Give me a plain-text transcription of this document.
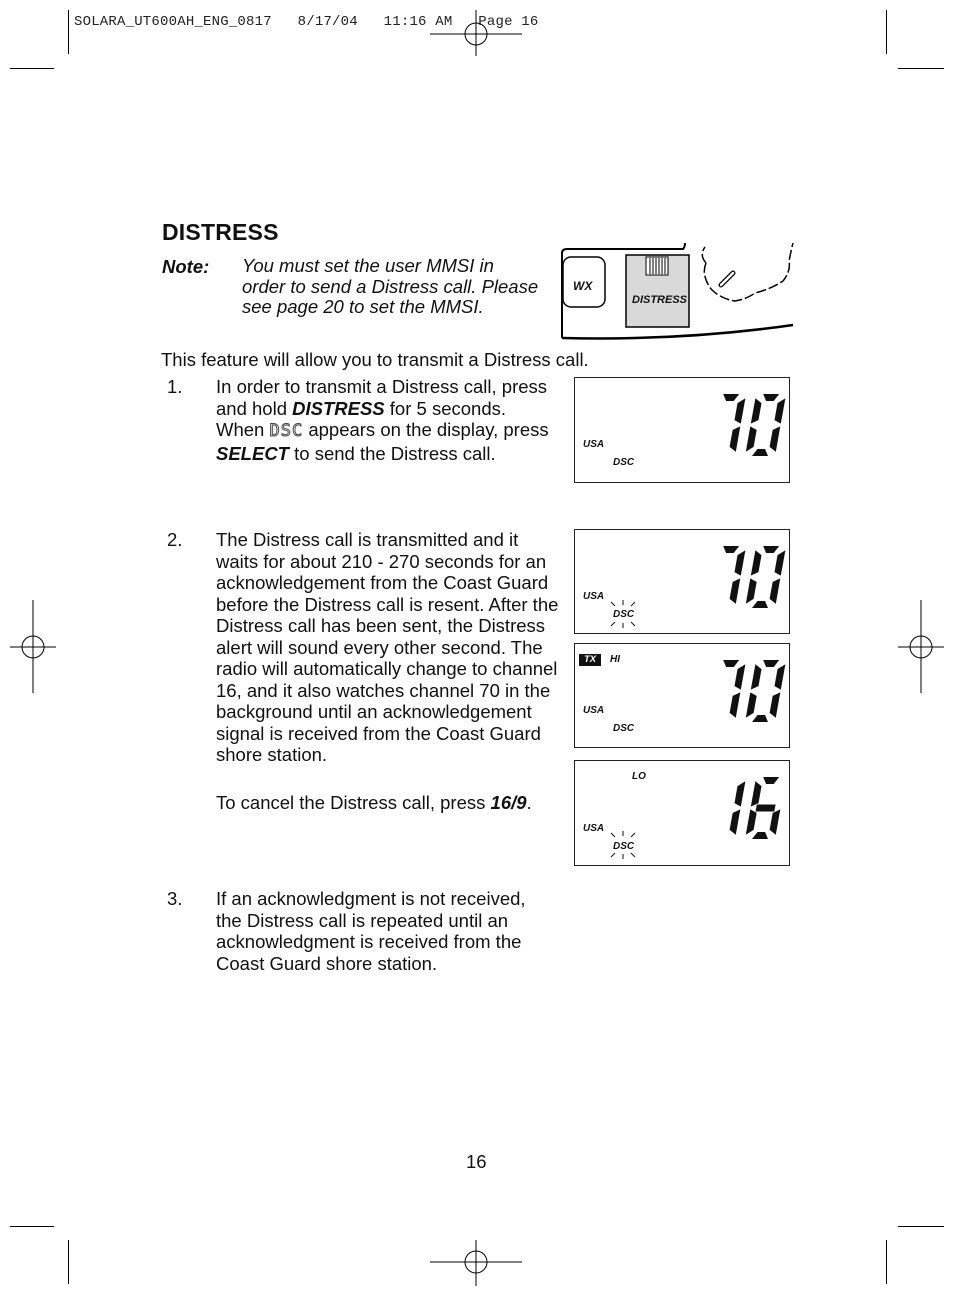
SOLARA_UT600AH_ENG_0817   8/17/04   11:16 AM   Page 16
DISTRESS
Note: You must set the user MMSI in order to send a Distress call. Please see page 20 to set the MMSI.
WX
DISTRESS
This feature will allow you to transmit a Distress call.
1. In order to transmit a Distress call, press and hold DISTRESS for 5 seconds. When DSC appears on the display, press SELECT to send the Distress call.
2. The Distress call is transmitted and it waits for about 210 - 270 seconds for an acknowledgement from the Coast Guard before the Distress call is resent. After the Distress call has been sent, the Distress alert will sound every other second. The radio will automatically change to channel 16, and it also watches channel 70 in the background until an acknowledgement signal is received from the Coast Guard shore station.
To cancel the Distress call, press 16/9.
3. If an acknowledgment is not received, the Distress call is repeated until an acknowledgment is received from the Coast Guard shore station.
USA
DSC
USA
DSC
TX	HI
USA
DSC
LO
USA
DSC
16
